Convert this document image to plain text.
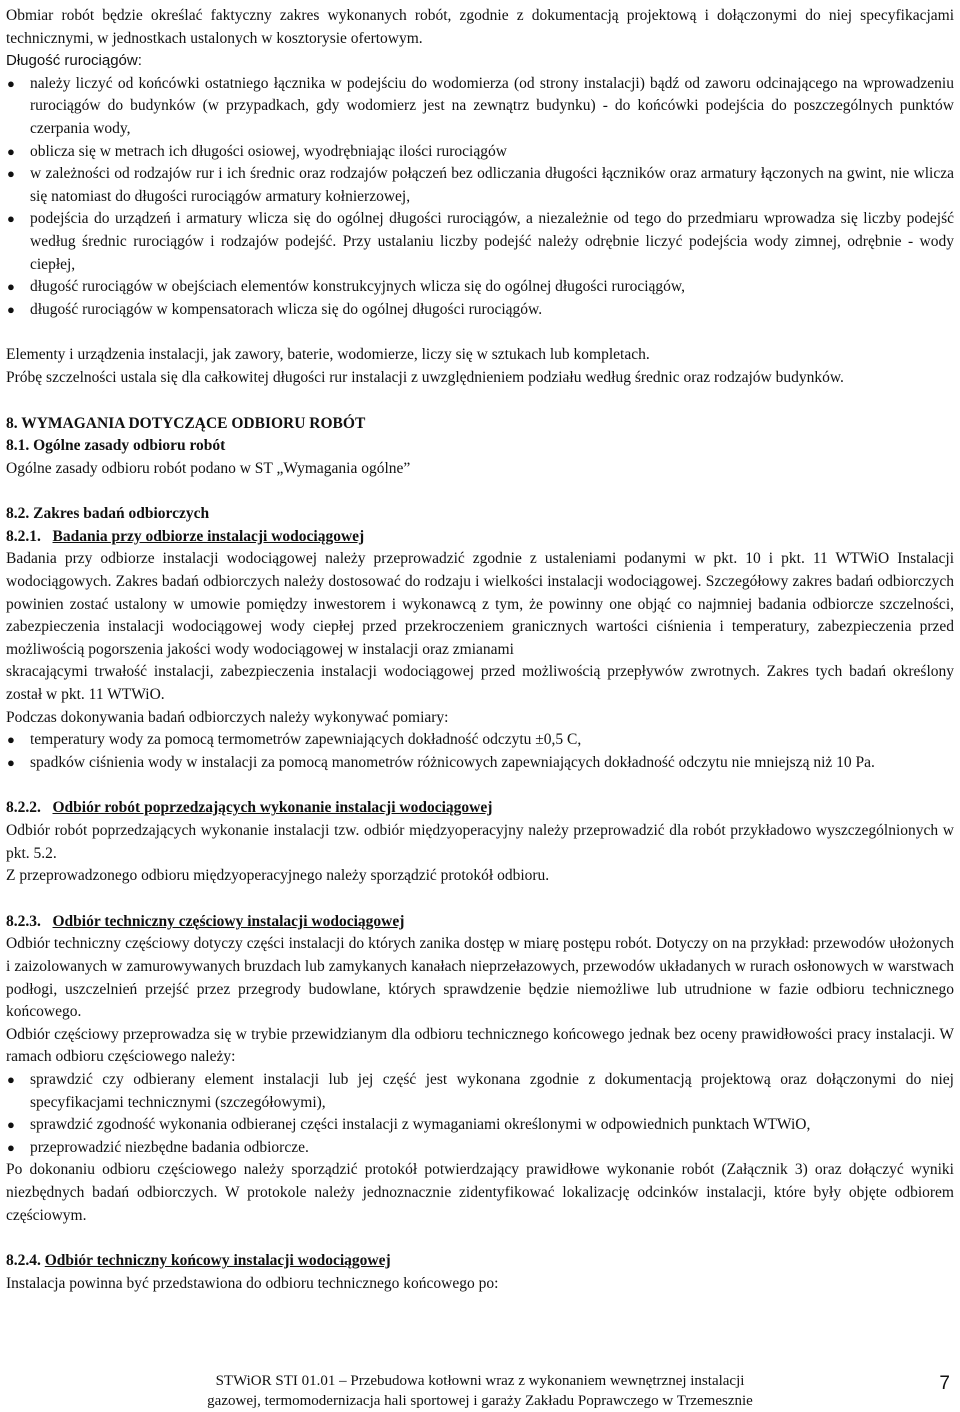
Obmiar robót będzie określać faktyczny zakres wykonanych robót, zgodnie z dokumentacją projektową i dołączonymi do niej specyfikacjami technicznymi, w jednostkach ustalonych w kosztorysie ofertowym.

Długość rurociągów:

● należy liczyć od końcówki ostatniego łącznika w podejściu do wodomierza (od strony instalacji) bądź od zaworu odcinającego na wprowadzeniu rurociągów do budynków (w przypadkach, gdy wodomierz jest na zewnątrz budynku) - do końcówki podejścia do poszczególnych punktów czerpania wody,
● oblicza się w metrach ich długości osiowej, wyodrębniając ilości rurociągów
● w zależności od rodzajów rur i ich średnic oraz rodzajów połączeń bez odliczania długości łączników oraz armatury łączonych na gwint, nie wlicza się natomiast do długości rurociągów armatury kołnierzowej,
● podejścia do urządzeń i armatury wlicza się do ogólnej długości rurociągów, a niezależnie od tego do przedmiaru wprowadza się liczby podejść według średnic rurociągów i rodzajów podejść. Przy ustalaniu liczby podejść należy odrębnie liczyć podejścia wody zimnej, odrębnie - wody ciepłej,
● długość rurociągów w obejściach elementów konstrukcyjnych wlicza się do ogólnej długości rurociągów,
● długość rurociągów w kompensatorach wlicza się do ogólnej długości rurociągów.

Elementy i urządzenia instalacji, jak zawory, baterie, wodomierze, liczy się w sztukach lub kompletach.

Próbę szczelności ustala się dla całkowitej długości rur instalacji z uwzględnieniem podziału według średnic oraz rodzajów budynków.

8. WYMAGANIA DOTYCZĄCE ODBIORU ROBÓT

8.1. Ogólne zasady odbioru robót

Ogólne zasady odbioru robót podano w ST „Wymagania ogólne”

8.2. Zakres badań odbiorczych

8.2.1. Badania przy odbiorze instalacji wodociągowej

Badania przy odbiorze instalacji wodociągowej należy przeprowadzić zgodnie z ustaleniami podanymi w pkt. 10 i pkt. 11 WTWiO Instalacji wodociągowych. Zakres badań odbiorczych należy dostosować do rodzaju i wielkości instalacji wodociągowej. Szczegółowy zakres badań odbiorczych powinien zostać ustalony w umowie pomiędzy inwestorem i wykonawcą z tym, że powinny one objąć co najmniej badania odbiorcze szczelności, zabezpieczenia instalacji wodociągowej wody ciepłej przed przekroczeniem granicznych wartości ciśnienia i temperatury, zabezpieczenia przed możliwością pogorszenia jakości wody wodociągowej w instalacji oraz zmianami

skracającymi trwałość instalacji, zabezpieczenia instalacji wodociągowej przed możliwością przepływów zwrotnych. Zakres tych badań określony został w pkt. 11 WTWiO.

Podczas dokonywania badań odbiorczych należy wykonywać pomiary:

● temperatury wody za pomocą termometrów zapewniających dokładność odczytu ±0,5 C,
● spadków ciśnienia wody w instalacji za pomocą manometrów różnicowych zapewniających dokładność odczytu nie mniejszą niż 10 Pa.

8.2.2. Odbiór robót poprzedzających wykonanie instalacji wodociągowej

Odbiór robót poprzedzających wykonanie instalacji tzw. odbiór międzyoperacyjny należy przeprowadzić dla robót przykładowo wyszczególnionych w pkt. 5.2.

Z przeprowadzonego odbioru międzyoperacyjnego należy sporządzić protokół odbioru.

8.2.3. Odbiór techniczny częściowy instalacji wodociągowej

Odbiór techniczny częściowy dotyczy części instalacji do których zanika dostęp w miarę postępu robót. Dotyczy on na przykład: przewodów ułożonych i zaizolowanych w zamurowywanych bruzdach lub zamykanych kanałach nieprzełazowych, przewodów układanych w rurach osłonowych w warstwach podłogi, uszczelnień przejść przez przegrody budowlane, których sprawdzenie będzie niemożliwe lub utrudnione w fazie odbioru technicznego końcowego.

Odbiór częściowy przeprowadza się w trybie przewidzianym dla odbioru technicznego końcowego jednak bez oceny prawidłowości pracy instalacji. W ramach odbioru częściowego należy:

● sprawdzić czy odbierany element instalacji lub jej część jest wykonana zgodnie z dokumentacją projektową oraz dołączonymi do niej specyfikacjami technicznymi (szczegółowymi),
● sprawdzić zgodność wykonania odbieranej części instalacji z wymaganiami określonymi w odpowiednich punktach WTWiO,
● przeprowadzić niezbędne badania odbiorcze.

Po dokonaniu odbioru częściowego należy sporządzić protokół potwierdzający prawidłowe wykonanie robót (Załącznik 3) oraz dołączyć wyniki niezbędnych badań odbiorczych. W protokole należy jednoznacznie zidentyfikować lokalizację odcinków instalacji, które były objęte odbiorem częściowym.

8.2.4. Odbiór techniczny końcowy instalacji wodociągowej

Instalacja powinna być przedstawiona do odbioru technicznego końcowego po:

STWiOR STI 01.01 – Przebudowa kotłowni wraz z wykonaniem wewnętrznej instalacji
gazowej, termomodernizacja hali sportowej i garaży Zakładu Poprawczego w Trzemesznie
7
